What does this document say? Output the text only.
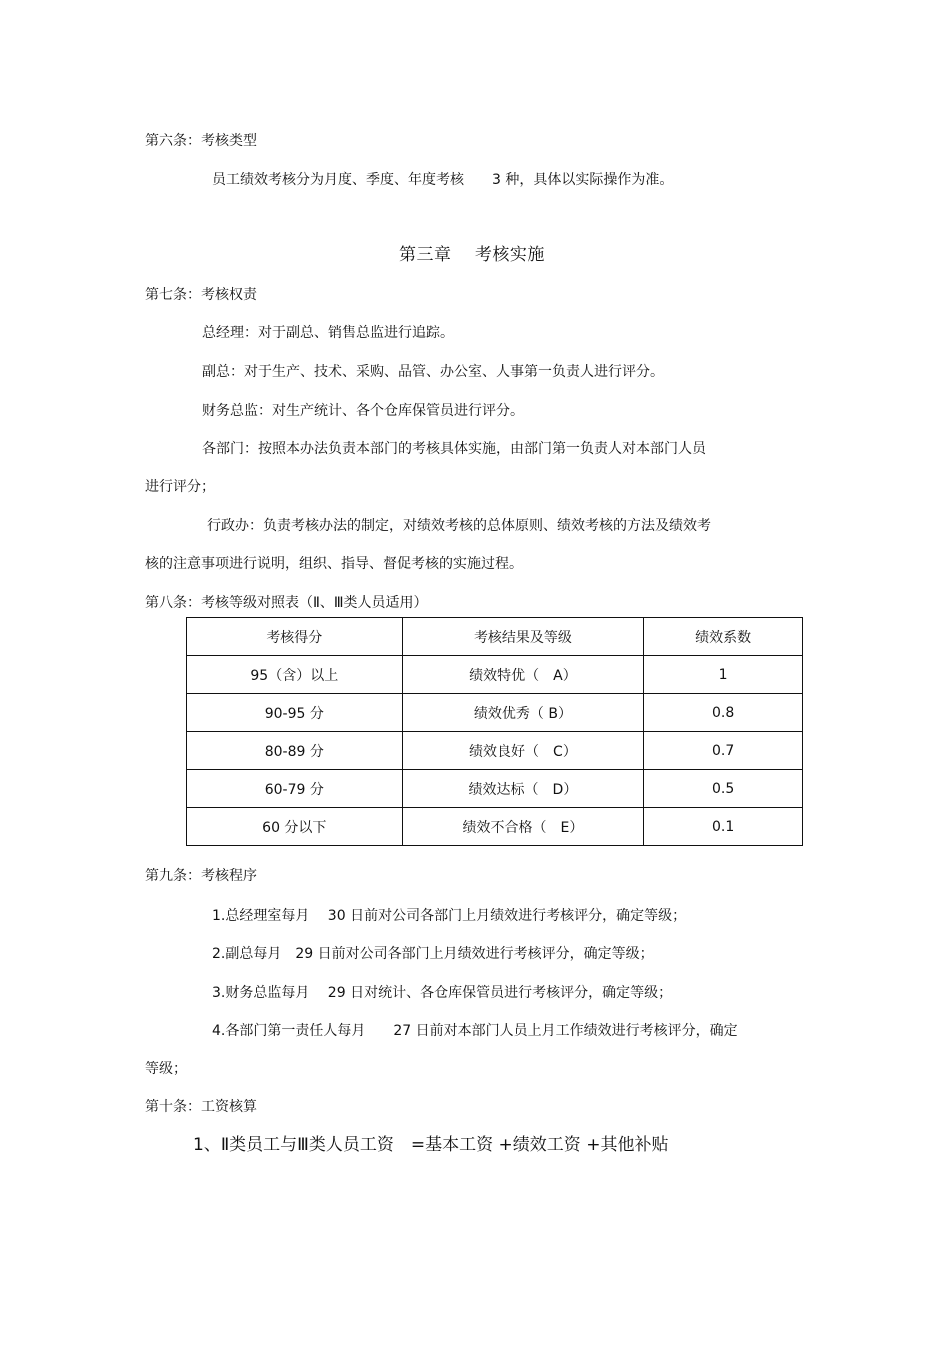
第六条：考核类型
员工绩效考核分为月度、季度、年度考核　　3 种，具体以实际操作为准。
第三章　 考核实施
第七条：考核权责
总经理：对于副总、销售总监进行追踪。
副总：对于生产、技术、采购、品管、办公室、人事第一负责人进行评分。
财务总监：对生产统计、各个仓库保管员进行评分。
各部门：按照本办法负责本部门的考核具体实施，由部门第一负责人对本部门人员
进行评分；
行政办：负责考核办法的制定，对绩效考核的总体原则、绩效考核的方法及绩效考
核的注意事项进行说明，组织、指导、督促考核的实施过程。
第八条：考核等级对照表（Ⅱ、Ⅲ类人员适用）
考核得分	考核结果及等级	绩效系数
95（含）以上	绩效特优（　A）	1
90-95 分	绩效优秀（ B）	0.8
80-89 分	绩效良好（　C）	0.7
60-79 分	绩效达标（　D）	0.5
60 分以下	绩效不合格（　E）	0.1
第九条：考核程序
1.总经理室每月　 30 日前对公司各部门上月绩效进行考核评分，确定等级；
2.副总每月　29 日前对公司各部门上月绩效进行考核评分，确定等级；
3.财务总监每月　 29 日对统计、各仓库保管员进行考核评分，确定等级；
4.各部门第一责任人每月　　27 日前对本部门人员上月工作绩效进行考核评分，确定
等级；
第十条：工资核算
1、Ⅱ类员工与Ⅲ类人员工资　=基本工资 +绩效工资 +其他补贴
